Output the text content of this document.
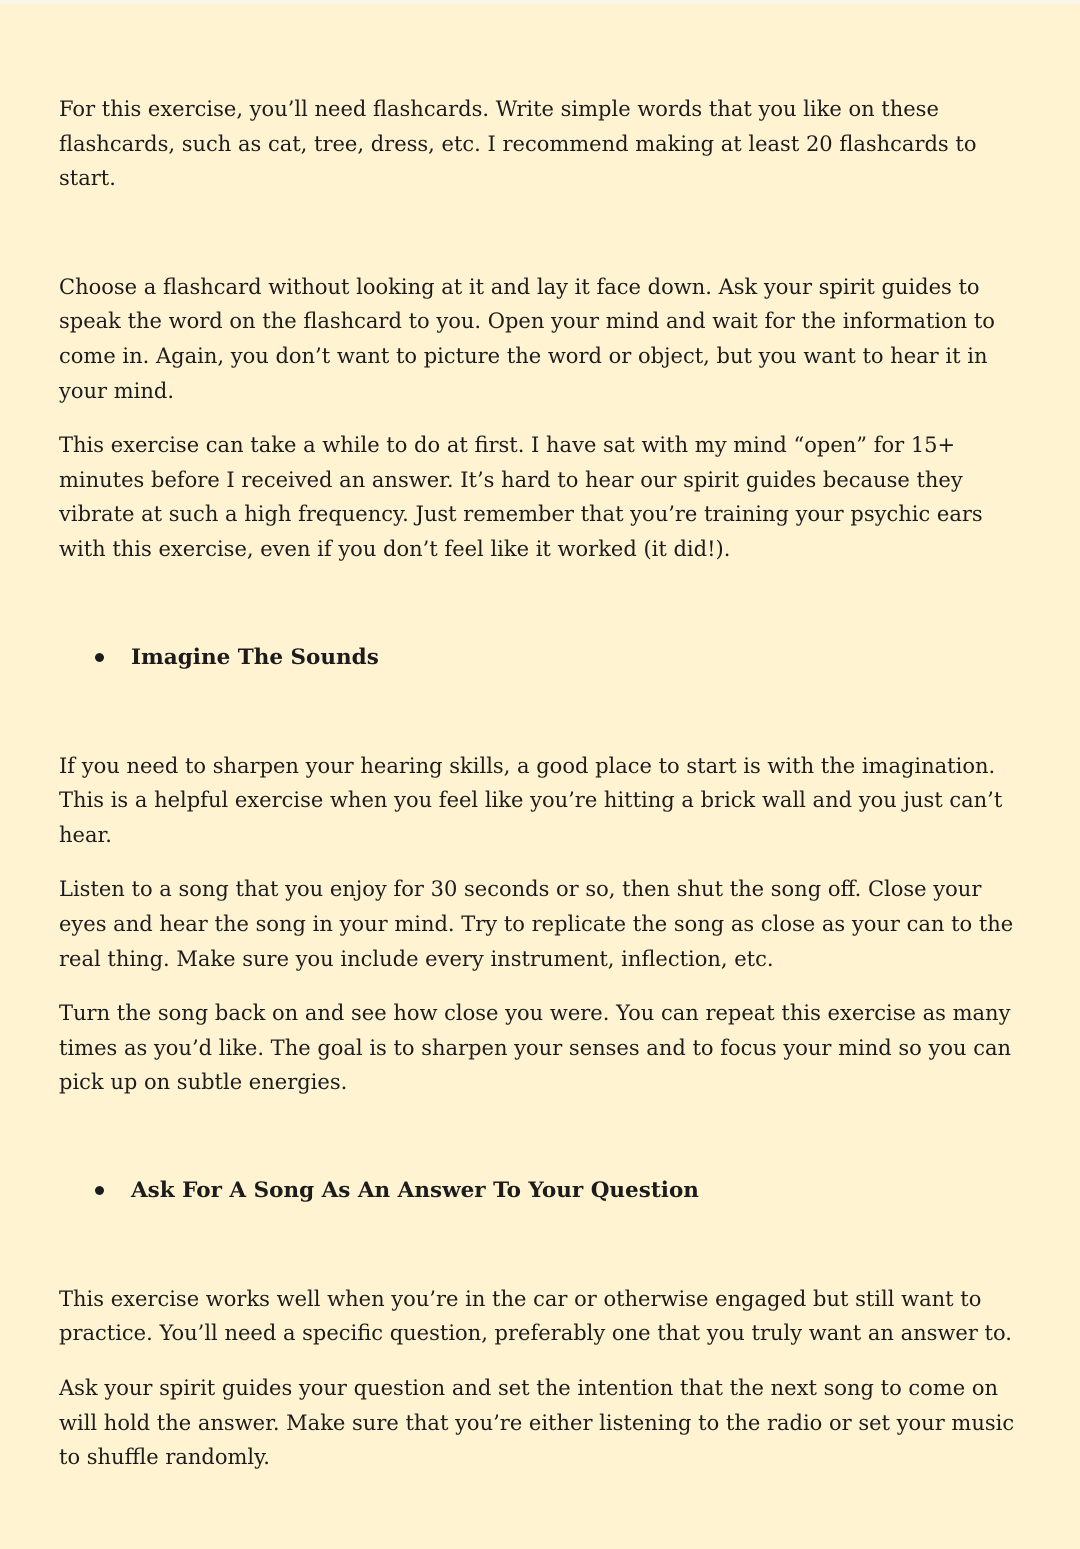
For this exercise, you’ll need flashcards. Write simple words that you like on these flashcards, such as cat, tree, dress, etc. I recommend making at least 20 flashcards to start.

Choose a flashcard without looking at it and lay it face down. Ask your spirit guides to speak the word on the flashcard to you. Open your mind and wait for the information to come in. Again, you don’t want to picture the word or object, but you want to hear it in your mind.

This exercise can take a while to do at first. I have sat with my mind “open” for 15+ minutes before I received an answer. It’s hard to hear our spirit guides because they vibrate at such a high frequency. Just remember that you’re training your psychic ears with this exercise, even if you don’t feel like it worked (it did!).

Imagine The Sounds

If you need to sharpen your hearing skills, a good place to start is with the imagination. This is a helpful exercise when you feel like you’re hitting a brick wall and you just can’t hear.

Listen to a song that you enjoy for 30 seconds or so, then shut the song off. Close your eyes and hear the song in your mind. Try to replicate the song as close as your can to the real thing. Make sure you include every instrument, inflection, etc.

Turn the song back on and see how close you were. You can repeat this exercise as many times as you’d like. The goal is to sharpen your senses and to focus your mind so you can pick up on subtle energies.

Ask For A Song As An Answer To Your Question

This exercise works well when you’re in the car or otherwise engaged but still want to practice. You’ll need a specific question, preferably one that you truly want an answer to.

Ask your spirit guides your question and set the intention that the next song to come on will hold the answer. Make sure that you’re either listening to the radio or set your music to shuffle randomly.
